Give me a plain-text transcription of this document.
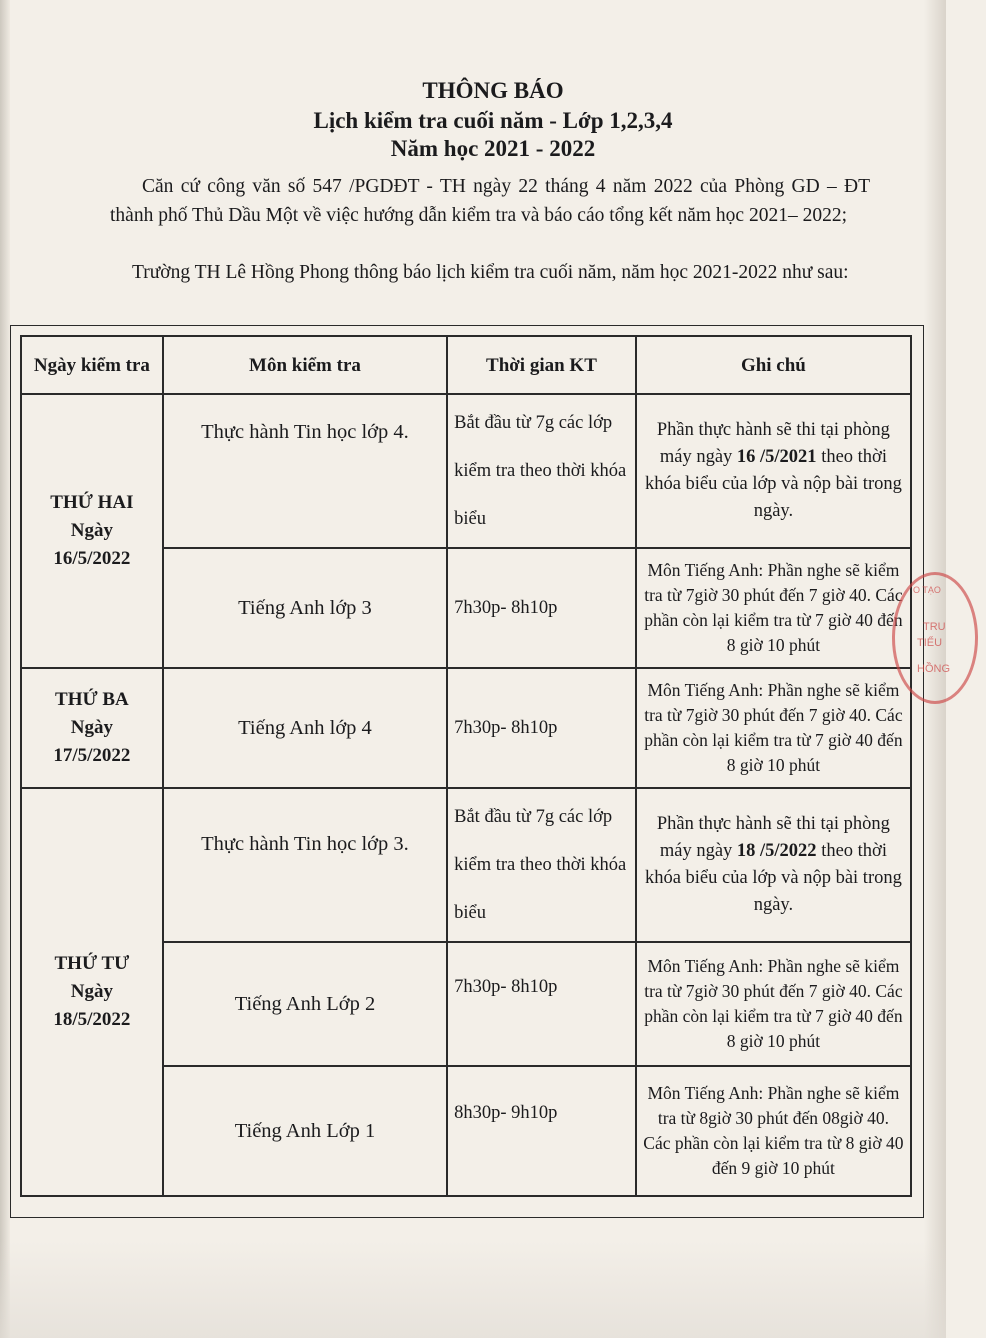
THÔNG BÁO
Lịch kiểm tra cuối năm - Lớp 1,2,3,4
Năm học 2021 - 2022
Căn cứ công văn số 547 /PGDĐT - TH ngày 22 tháng 4 năm 2022 của Phòng GD – ĐT thành phố Thủ Dầu Một về việc hướng dẫn kiểm tra và báo cáo tổng kết năm học 2021– 2022;
Trường TH Lê Hồng Phong thông báo lịch kiểm tra cuối năm, năm học 2021-2022 như sau:
Ngày kiểm tra	Môn kiểm tra	Thời gian KT	Ghi chú

THỨ HAI
Ngày
16/5/2022	Thực hành Tin học lớp 4.	Bắt đầu từ 7g các lớp kiểm tra theo thời khóa biểu	Phần thực hành sẽ thi tại phòng máy ngày 16 /5/2021 theo thời khóa biểu của lớp và nộp bài trong ngày.
	Tiếng Anh lớp 3	7h30p- 8h10p	Môn Tiếng Anh: Phần nghe sẽ kiểm tra từ 7giờ 30 phút đến 7 giờ 40. Các phần còn lại kiểm tra từ 7 giờ 40 đến 8 giờ 10 phút

THỨ BA
Ngày
17/5/2022	Tiếng Anh lớp 4	7h30p- 8h10p	Môn Tiếng Anh: Phần nghe sẽ kiểm tra từ 7giờ 30 phút đến 7 giờ 40. Các phần còn lại kiểm tra từ 7 giờ 40 đến 8 giờ 10 phút

THỨ TƯ
Ngày
18/5/2022	Thực hành Tin học lớp 3.	Bắt đầu từ 7g các lớp kiểm tra theo thời khóa biểu	Phần thực hành sẽ thi tại phòng máy ngày 18 /5/2022 theo thời khóa biểu của lớp và nộp bài trong ngày.
	Tiếng Anh Lớp 2	7h30p- 8h10p	Môn Tiếng Anh: Phần nghe sẽ kiểm tra từ 7giờ 30 phút đến 7 giờ 40. Các phần còn lại kiểm tra từ 7 giờ 40 đến 8 giờ 10 phút
	Tiếng Anh Lớp 1	8h30p- 9h10p	Môn Tiếng Anh: Phần nghe sẽ kiểm tra từ 8giờ 30 phút đến 08giờ 40. Các phần còn lại kiểm tra từ 8 giờ 40 đến 9 giờ 10 phút
O TẠO
TRU
TIỂU
HỒNG
